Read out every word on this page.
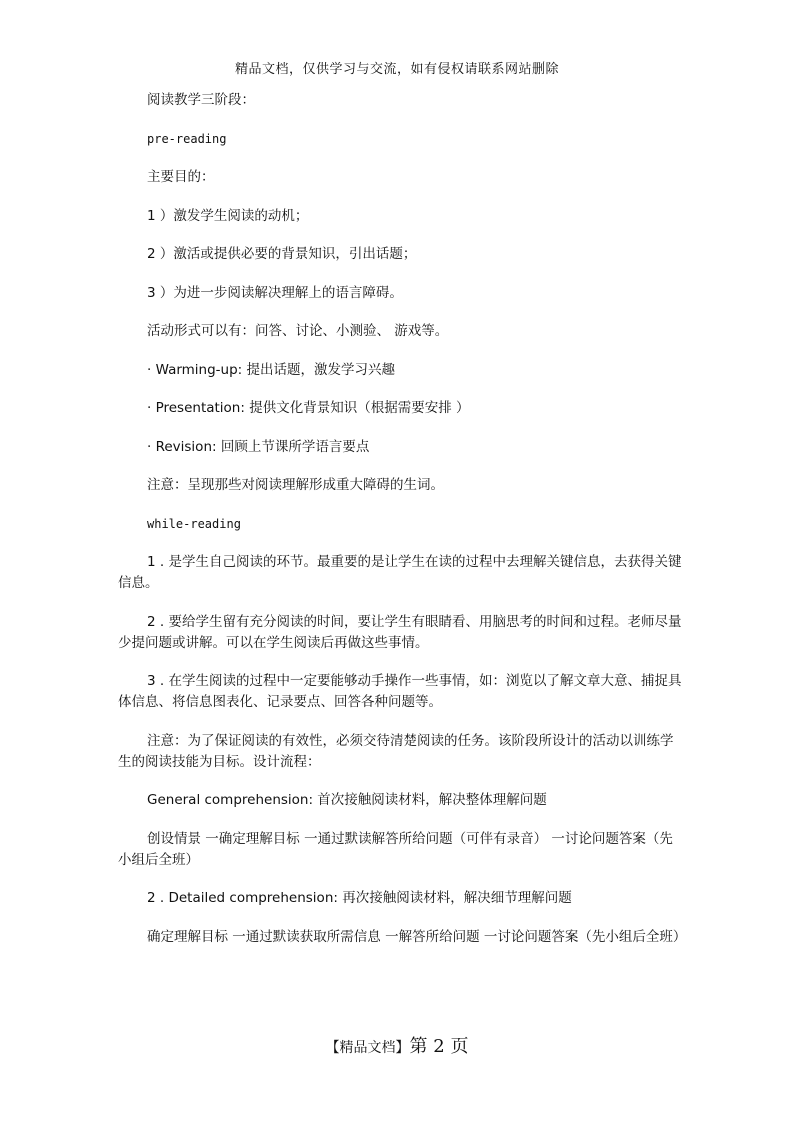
精品文档，仅供学习与交流，如有侵权请联系网站删除
阅读教学三阶段：
pre-reading
主要目的：
1 ）激发学生阅读的动机；
2 ）激活或提供必要的背景知识，引出话题；
3 ）为进一步阅读解决理解上的语言障碍。
活动形式可以有：问答、讨论、小测验、 游戏等。
· Warming-up: 提出话题，激发学习兴趣
· Presentation: 提供文化背景知识（根据需要安排 ）
· Revision: 回顾上节课所学语言要点
注意：呈现那些对阅读理解形成重大障碍的生词。
while-reading
1 . 是学生自己阅读的环节。最重要的是让学生在读的过程中去理解关键信息，去获得关键信息。
2 . 要给学生留有充分阅读的时间，要让学生有眼睛看、用脑思考的时间和过程。老师尽量少提问题或讲解。可以在学生阅读后再做这些事情。
3 . 在学生阅读的过程中一定要能够动手操作一些事情，如：浏览以了解文章大意、捕捉具体信息、将信息图表化、记录要点、回答各种问题等。
注意：为了保证阅读的有效性，必须交待清楚阅读的任务。该阶段所设计的活动以训练学生的阅读技能为目标。设计流程：
General comprehension: 首次接触阅读材料，解决整体理解问题
创设情景 一确定理解目标 一通过默读解答所给问题（可伴有录音） 一讨论问题答案（先小组后全班）
2 . Detailed comprehension: 再次接触阅读材料，解决细节理解问题
确定理解目标 一通过默读获取所需信息 一解答所给问题 一讨论问题答案（先小组后全班）
【精品文档】第 2 页
